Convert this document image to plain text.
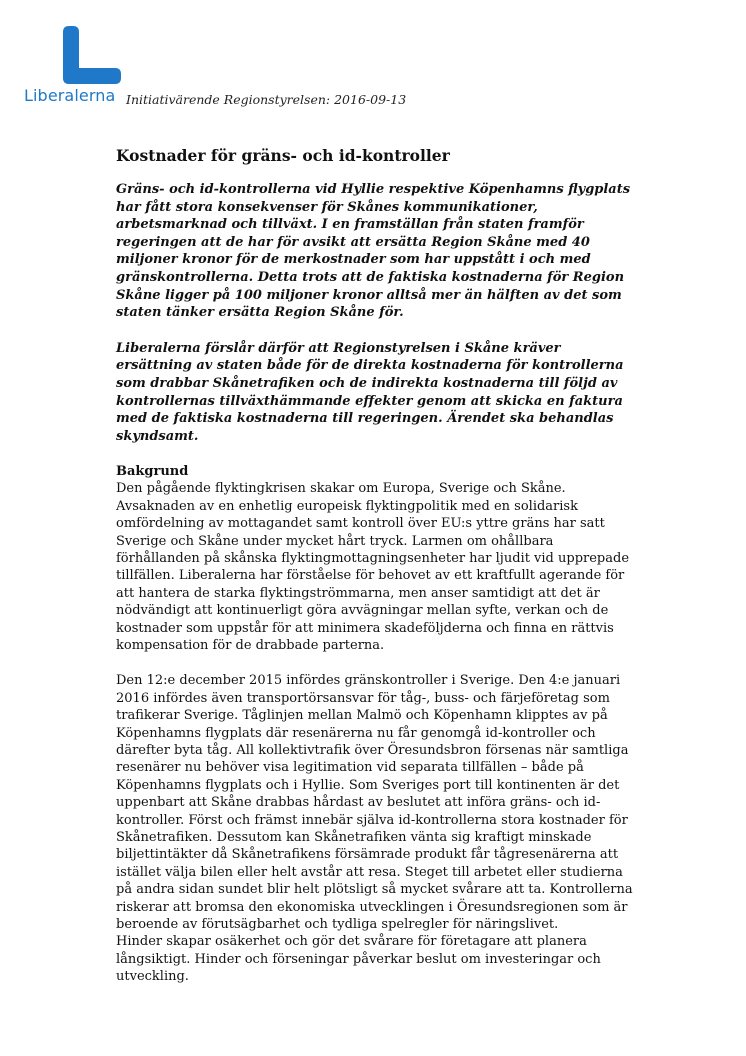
Liberalerna Initiativärende Regionstyrelsen: 2016-09-13
Kostnader för gräns- och id-kontroller

Gräns- och id-kontrollerna vid Hyllie respektive Köpenhamns flygplats har fått stora konsekvenser för Skånes kommunikationer, arbetsmarknad och tillväxt. I en framställan från staten framför regeringen att de har för avsikt att ersätta Region Skåne med 40 miljoner kronor för de merkostnader som har uppstått i och med gränskontrollerna. Detta trots att de faktiska kostnaderna för Region Skåne ligger på 100 miljoner kronor alltså mer än hälften av det som staten tänker ersätta Region Skåne för.

Liberalerna förslår därför att Regionstyrelsen i Skåne kräver ersättning av staten både för de direkta kostnaderna för kontrollerna som drabbar Skånetrafiken och de indirekta kostnaderna till följd av kontrollernas tillväxthämmande effekter genom att skicka en faktura med de faktiska kostnaderna till regeringen. Ärendet ska behandlas skyndsamt.

Bakgrund

Den pågående flyktingkrisen skakar om Europa, Sverige och Skåne. Avsaknaden av en enhetlig europeisk flyktingpolitik med en solidarisk omfördelning av mottagandet samt kontroll över EU:s yttre gräns har satt Sverige och Skåne under mycket hårt tryck. Larmen om ohållbara förhållanden på skånska flyktingmottagningsenheter har ljudit vid upprepade tillfällen. Liberalerna har förståelse för behovet av ett kraftfullt agerande för att hantera de starka flyktingströmmarna, men anser samtidigt att det är nödvändigt att kontinuerligt göra avvägningar mellan syfte, verkan och de kostnader som uppstår för att minimera skadeföljderna och finna en rättvis kompensation för de drabbade parterna.

Den 12:e december 2015 infördes gränskontroller i Sverige. Den 4:e januari 2016 infördes även transportörsansvar för tåg-, buss- och färjeföretag som trafikerar Sverige. Tåglinjen mellan Malmö och Köpenhamn klipptes av på Köpenhamns flygplats där resenärerna nu får genomgå id-kontroller och därefter byta tåg. All kollektivtrafik över Öresundsbron försenas när samtliga resenärer nu behöver visa legitimation vid separata tillfällen – både på Köpenhamns flygplats och i Hyllie. Som Sveriges port till kontinenten är det uppenbart att Skåne drabbas hårdast av beslutet att införa gräns- och id-kontroller. Först och främst innebär själva id-kontrollerna stora kostnader för Skånetrafiken. Dessutom kan Skånetrafiken vänta sig kraftigt minskade biljettintäkter då Skånetrafikens försämrade produkt får tågresenärerna att istället välja bilen eller helt avstår att resa. Steget till arbetet eller studierna på andra sidan sundet blir helt plötsligt så mycket svårare att ta. Kontrollerna riskerar att bromsa den ekonomiska utvecklingen i Öresundsregionen som är beroende av förutsägbarhet och tydliga spelregler för näringslivet.

Hinder skapar osäkerhet och gör det svårare för företagare att planera långsiktigt. Hinder och förseningar påverkar beslut om investeringar och utveckling.
